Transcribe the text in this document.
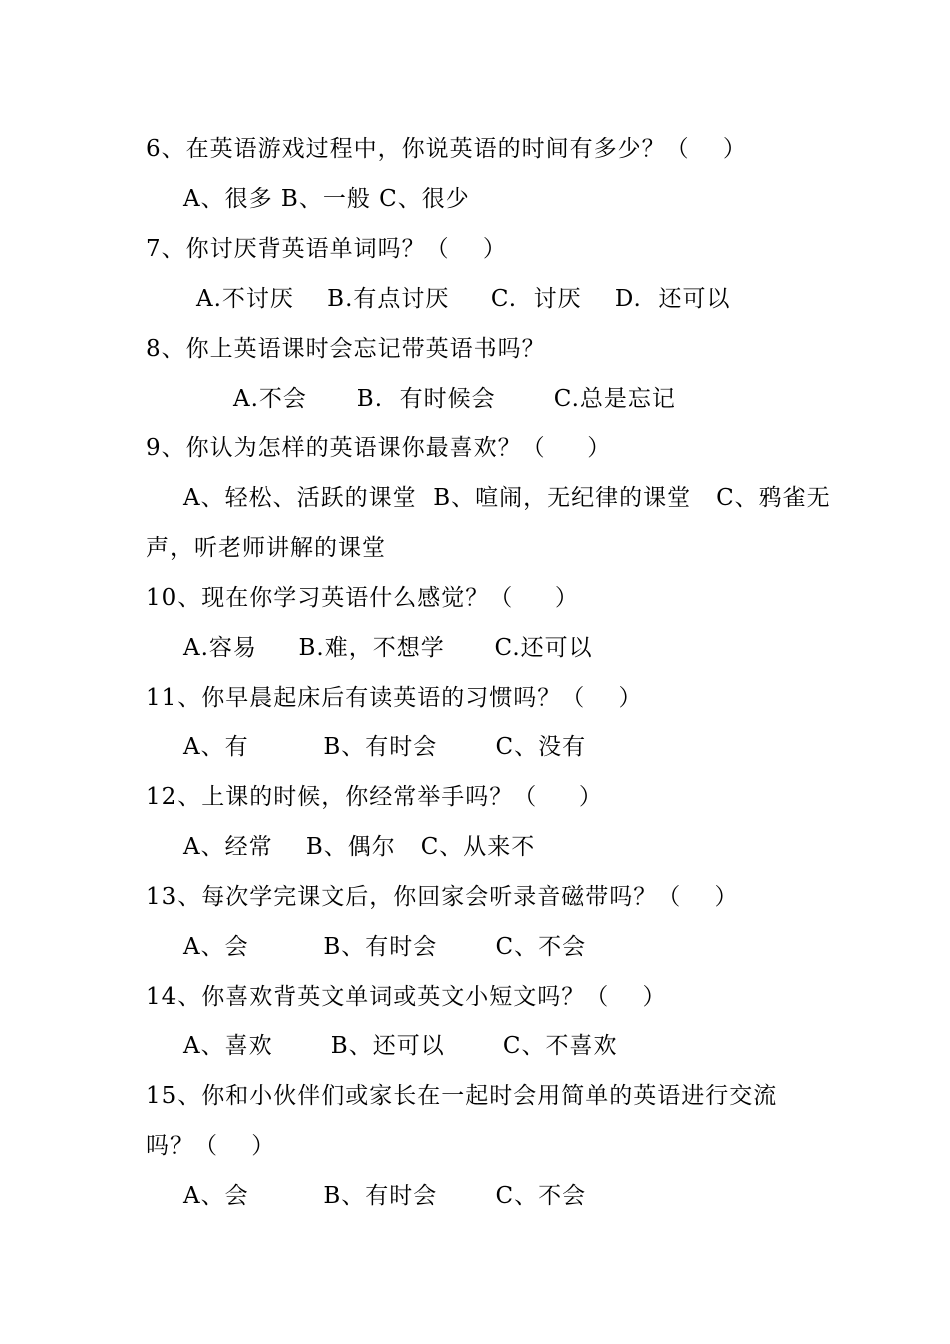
6、在英语游戏过程中，你说英语的时间有多少？（    ）
A、很多 B、一般 C、很少
7、你讨厌背英语单词吗？（    ）
A.不讨厌    B.有点讨厌     C.  讨厌    D.  还可以
8、你上英语课时会忘记带英语书吗？
A.不会      B.  有时候会       C.总是忘记
9、你认为怎样的英语课你最喜欢？（     ）
A、轻松、活跃的课堂  B、喧闹，无纪律的课堂   C、鸦雀无
声，听老师讲解的课堂
10、现在你学习英语什么感觉？（     ）
A.容易     B.难，不想学      C.还可以
11、你早晨起床后有读英语的习惯吗？（    ）
A、有         B、有时会       C、没有
12、上课的时候，你经常举手吗？（     ）
A、经常    B、偶尔   C、从来不
13、每次学完课文后，你回家会听录音磁带吗？（    ）
A、会         B、有时会       C、不会
14、你喜欢背英文单词或英文小短文吗？（    ）
A、喜欢       B、还可以       C、不喜欢
15、你和小伙伴们或家长在一起时会用简单的英语进行交流
吗？（    ）
A、会         B、有时会       C、不会
